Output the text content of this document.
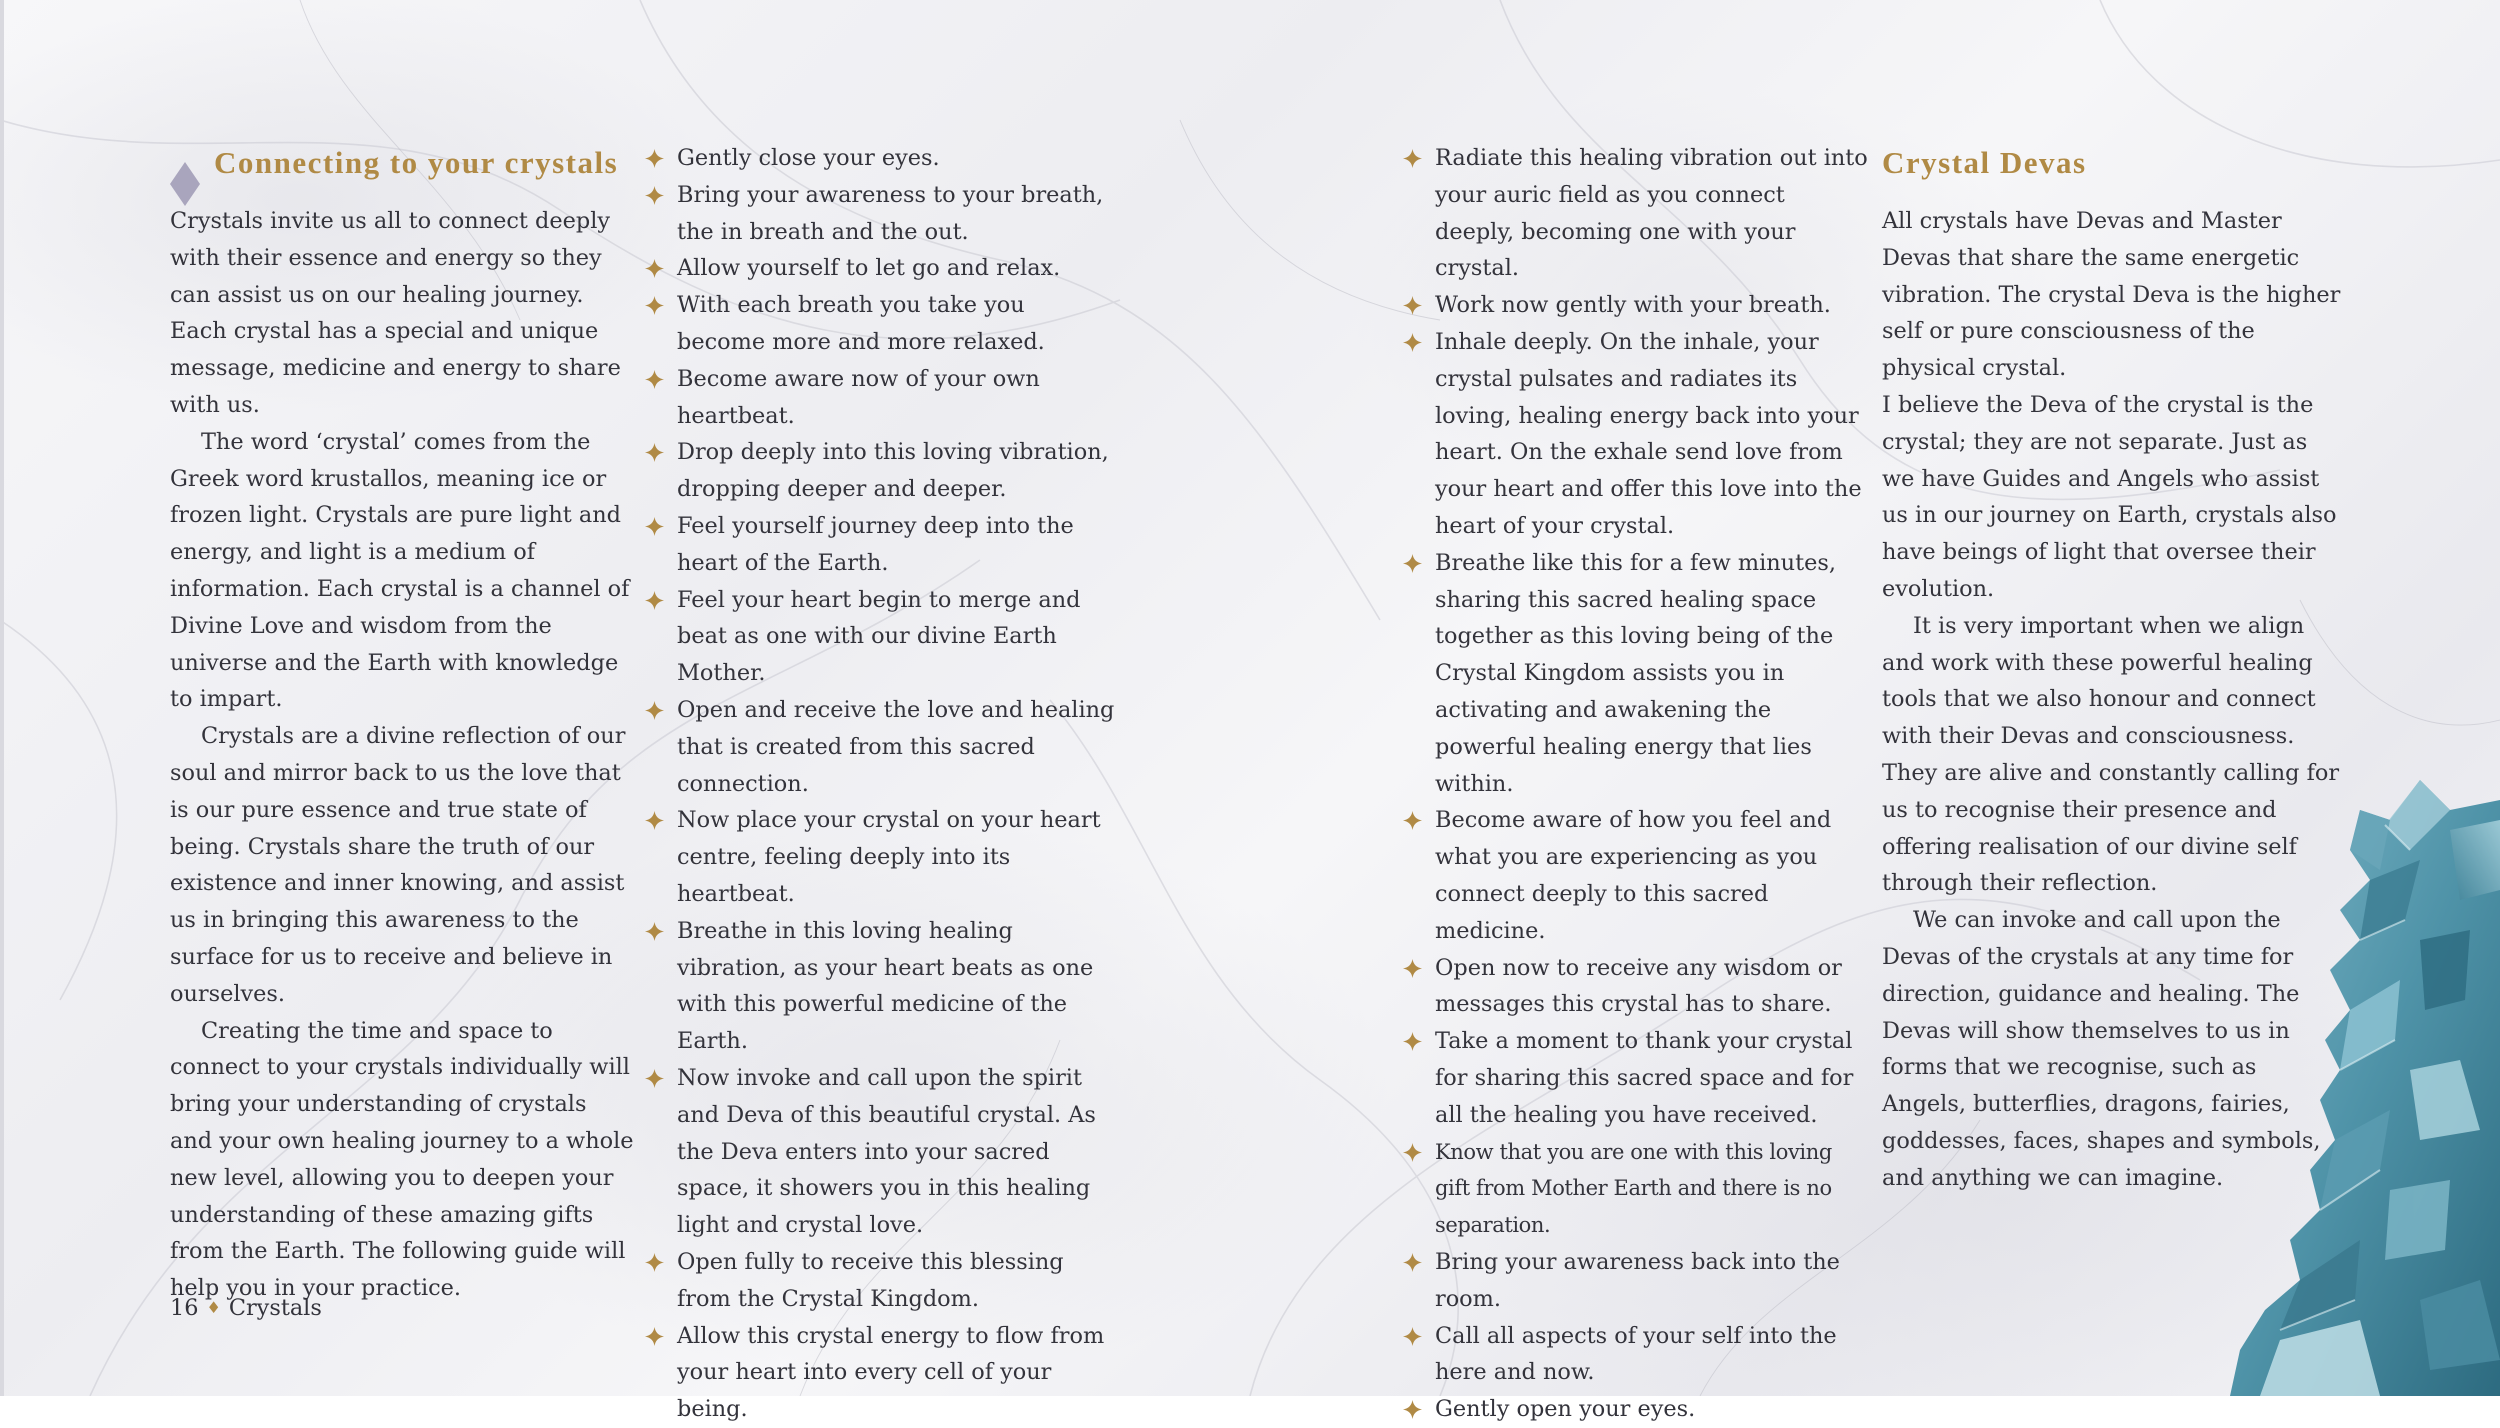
Connecting to your crystals

Crystals invite us all to connect deeply with their essence and energy so they can assist us on our healing journey. Each crystal has a special and unique message, medicine and energy to share with us.

The word ‘crystal’ comes from the Greek word krustallos, meaning ice or frozen light. Crystals are pure light and energy, and light is a medium of information. Each crystal is a channel of Divine Love and wisdom from the universe and the Earth with knowledge to impart.

Crystals are a divine reflection of our soul and mirror back to us the love that is our pure essence and true state of being. Crystals share the truth of our existence and inner knowing, and assist us in bringing this awareness to the surface for us to receive and believe in ourselves.

Creating the time and space to connect to your crystals individually will bring your understanding of crystals and your own healing journey to a whole new level, allowing you to deepen your understanding of these amazing gifts from the Earth. The following guide will help you in your practice.

Gently close your eyes.
Bring your awareness to your breath, the in breath and the out.
Allow yourself to let go and relax.
With each breath you take you become more and more relaxed.
Become aware now of your own heartbeat.
Drop deeply into this loving vibration, dropping deeper and deeper.
Feel yourself journey deep into the heart of the Earth.
Feel your heart begin to merge and beat as one with our divine Earth Mother.
Open and receive the love and healing that is created from this sacred connection.
Now place your crystal on your heart centre, feeling deeply into its heartbeat.
Breathe in this loving healing vibration, as your heart beats as one with this powerful medicine of the Earth.
Now invoke and call upon the spirit and Deva of this beautiful crystal. As the Deva enters into your sacred space, it showers you in this healing light and crystal love.
Open fully to receive this blessing from the Crystal Kingdom.
Allow this crystal energy to flow from your heart into every cell of your being.
Radiate this healing vibration out into your auric field as you connect deeply, becoming one with your crystal.
Work now gently with your breath.
Inhale deeply. On the inhale, your crystal pulsates and radiates its loving, healing energy back into your heart. On the exhale send love from your heart and offer this love into the heart of your crystal.
Breathe like this for a few minutes, sharing this sacred healing space together as this loving being of the Crystal Kingdom assists you in activating and awakening the powerful healing energy that lies within.
Become aware of how you feel and what you are experiencing as you connect deeply to this sacred medicine.
Open now to receive any wisdom or messages this crystal has to share.
Take a moment to thank your crystal for sharing this sacred space and for all the healing you have received.
Know that you are one with this loving gift from Mother Earth and there is no separation.
Bring your awareness back into the room.
Call all aspects of your self into the here and now.
Gently open your eyes.
Crystal Devas

All crystals have Devas and Master Devas that share the same energetic vibration. The crystal Deva is the higher self or pure consciousness of the physical crystal.

I believe the Deva of the crystal is the crystal; they are not separate. Just as we have Guides and Angels who assist us in our journey on Earth, crystals also have beings of light that oversee their evolution.

It is very important when we align and work with these powerful healing tools that we also honour and connect with their Devas and consciousness. They are alive and constantly calling for us to recognise their presence and offering realisation of our divine self through their reflection.

We can invoke and call upon the Devas of the crystals at any time for direction, guidance and healing. The Devas will show themselves to us in forms that we recognise, such as Angels, butterflies, dragons, fairies, goddesses, faces, shapes and symbols, and anything we can imagine.

16 ♦ Crystals
